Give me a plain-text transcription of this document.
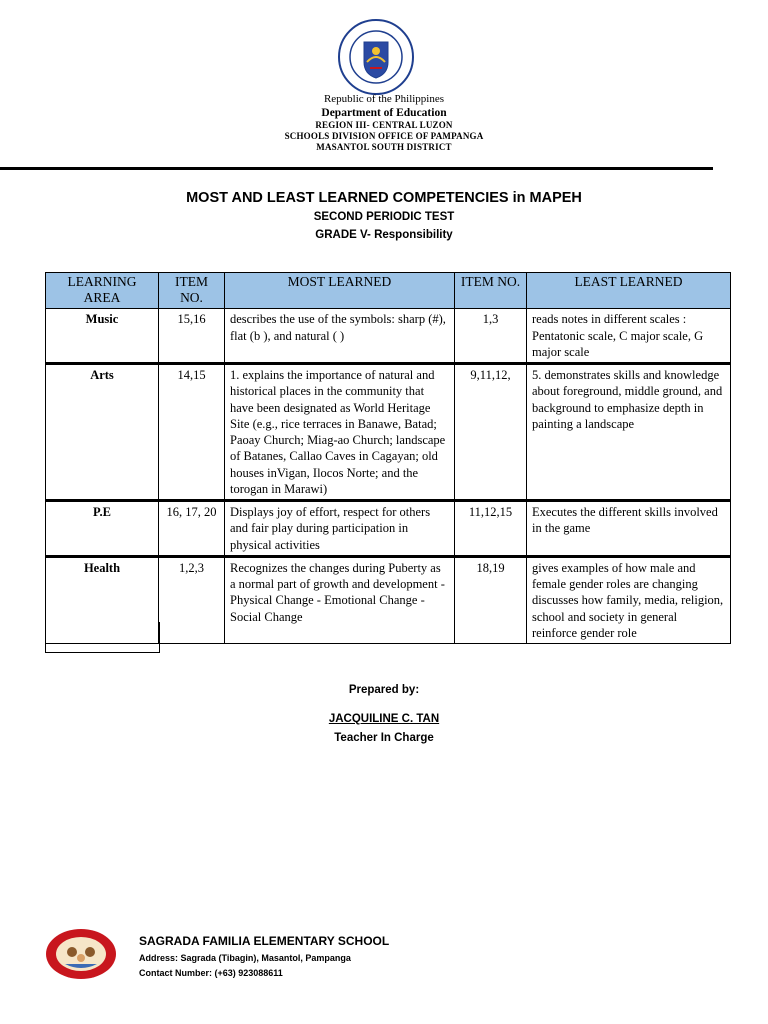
Republic of the Philippines
Department of Education
REGION III- CENTRAL LUZON
SCHOOLS DIVISION OFFICE OF PAMPANGA
MASANTOL SOUTH DISTRICT
MOST AND LEAST LEARNED COMPETENCIES in MAPEH
SECOND PERIODIC TEST
GRADE V- Responsibility
LEARNING AREA	ITEM NO.	MOST LEARNED	ITEM NO.	LEAST LEARNED
Music	15,16	describes the use of the symbols: sharp (#), flat (b ), and natural ( )	1,3	reads notes in different scales : Pentatonic scale, C major scale, G major scale
Arts	14,15	1. explains the importance of natural and historical places in the community that have been designated as World Heritage Site (e.g., rice terraces in Banawe, Batad; Paoay Church; Miag-ao Church; landscape of Batanes, Callao Caves in Cagayan; old houses inVigan, Ilocos Norte; and the torogan in Marawi)	9,11,12,	5. demonstrates skills and knowledge about foreground, middle ground, and background to emphasize depth in painting a landscape
P.E	16, 17, 20	Displays joy of effort, respect for others and fair play during participation in physical activities	11,12,15	Executes the different skills involved in the game
Health	1,2,3	Recognizes the changes during Puberty as a normal part of growth and development - Physical Change - Emotional Change - Social Change	18,19	gives examples of how male and female gender roles are changing discusses how family, media, religion, school and society in general reinforce gender role
Prepared by:
JACQUILINE C. TAN
Teacher In Charge
SAGRADA FAMILIA ELEMENTARY SCHOOL
Address: Sagrada (Tibagin), Masantol, Pampanga
Contact Number: (+63) 923088611
